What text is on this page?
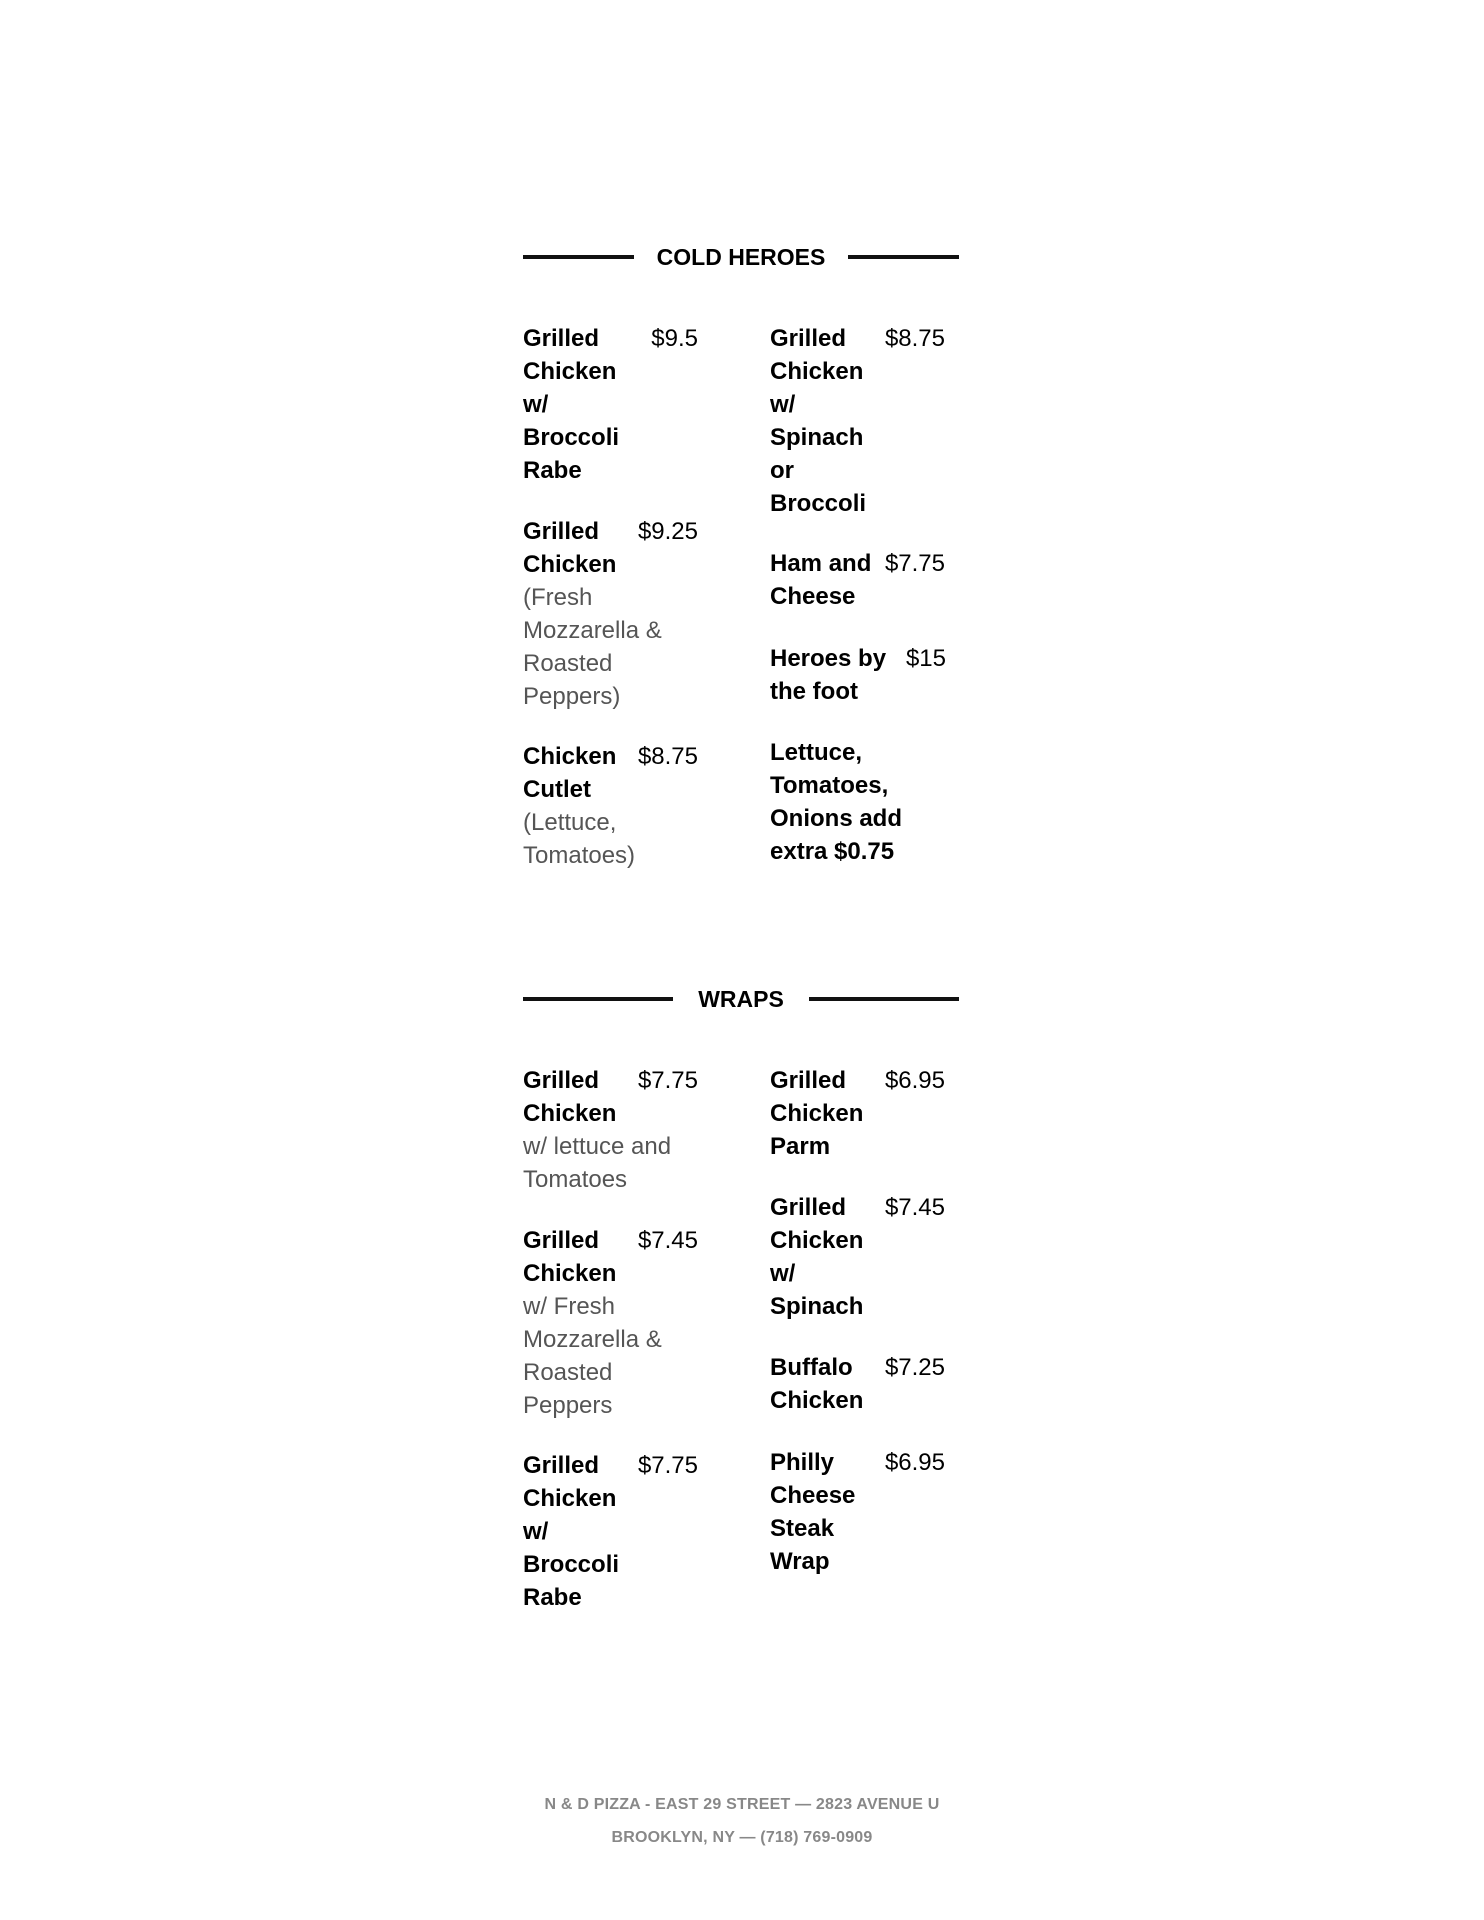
COLD HEROES
Grilled Chicken w/ Broccoli Rabe
$9.5
Grilled Chicken
$9.25
(Fresh Mozzarella & Roasted Peppers)
Chicken Cutlet
$8.75
(Lettuce, Tomatoes)
Grilled Chicken w/ Spinach or Broccoli
$8.75
Ham and Cheese
$7.75
Heroes by the foot
$15
Lettuce, Tomatoes, Onions add extra $0.75
WRAPS
Grilled Chicken
$7.75
w/ lettuce and Tomatoes
Grilled Chicken
$7.45
w/ Fresh Mozzarella & Roasted Peppers
Grilled Chicken w/ Broccoli Rabe
$7.75
Grilled Chicken Parm
$6.95
Grilled Chicken w/ Spinach
$7.45
Buffalo Chicken
$7.25
Philly Cheese Steak Wrap
$6.95
N & D PIZZA - EAST 29 STREET — 2823 AVENUE U
BROOKLYN, NY — (718) 769-0909
